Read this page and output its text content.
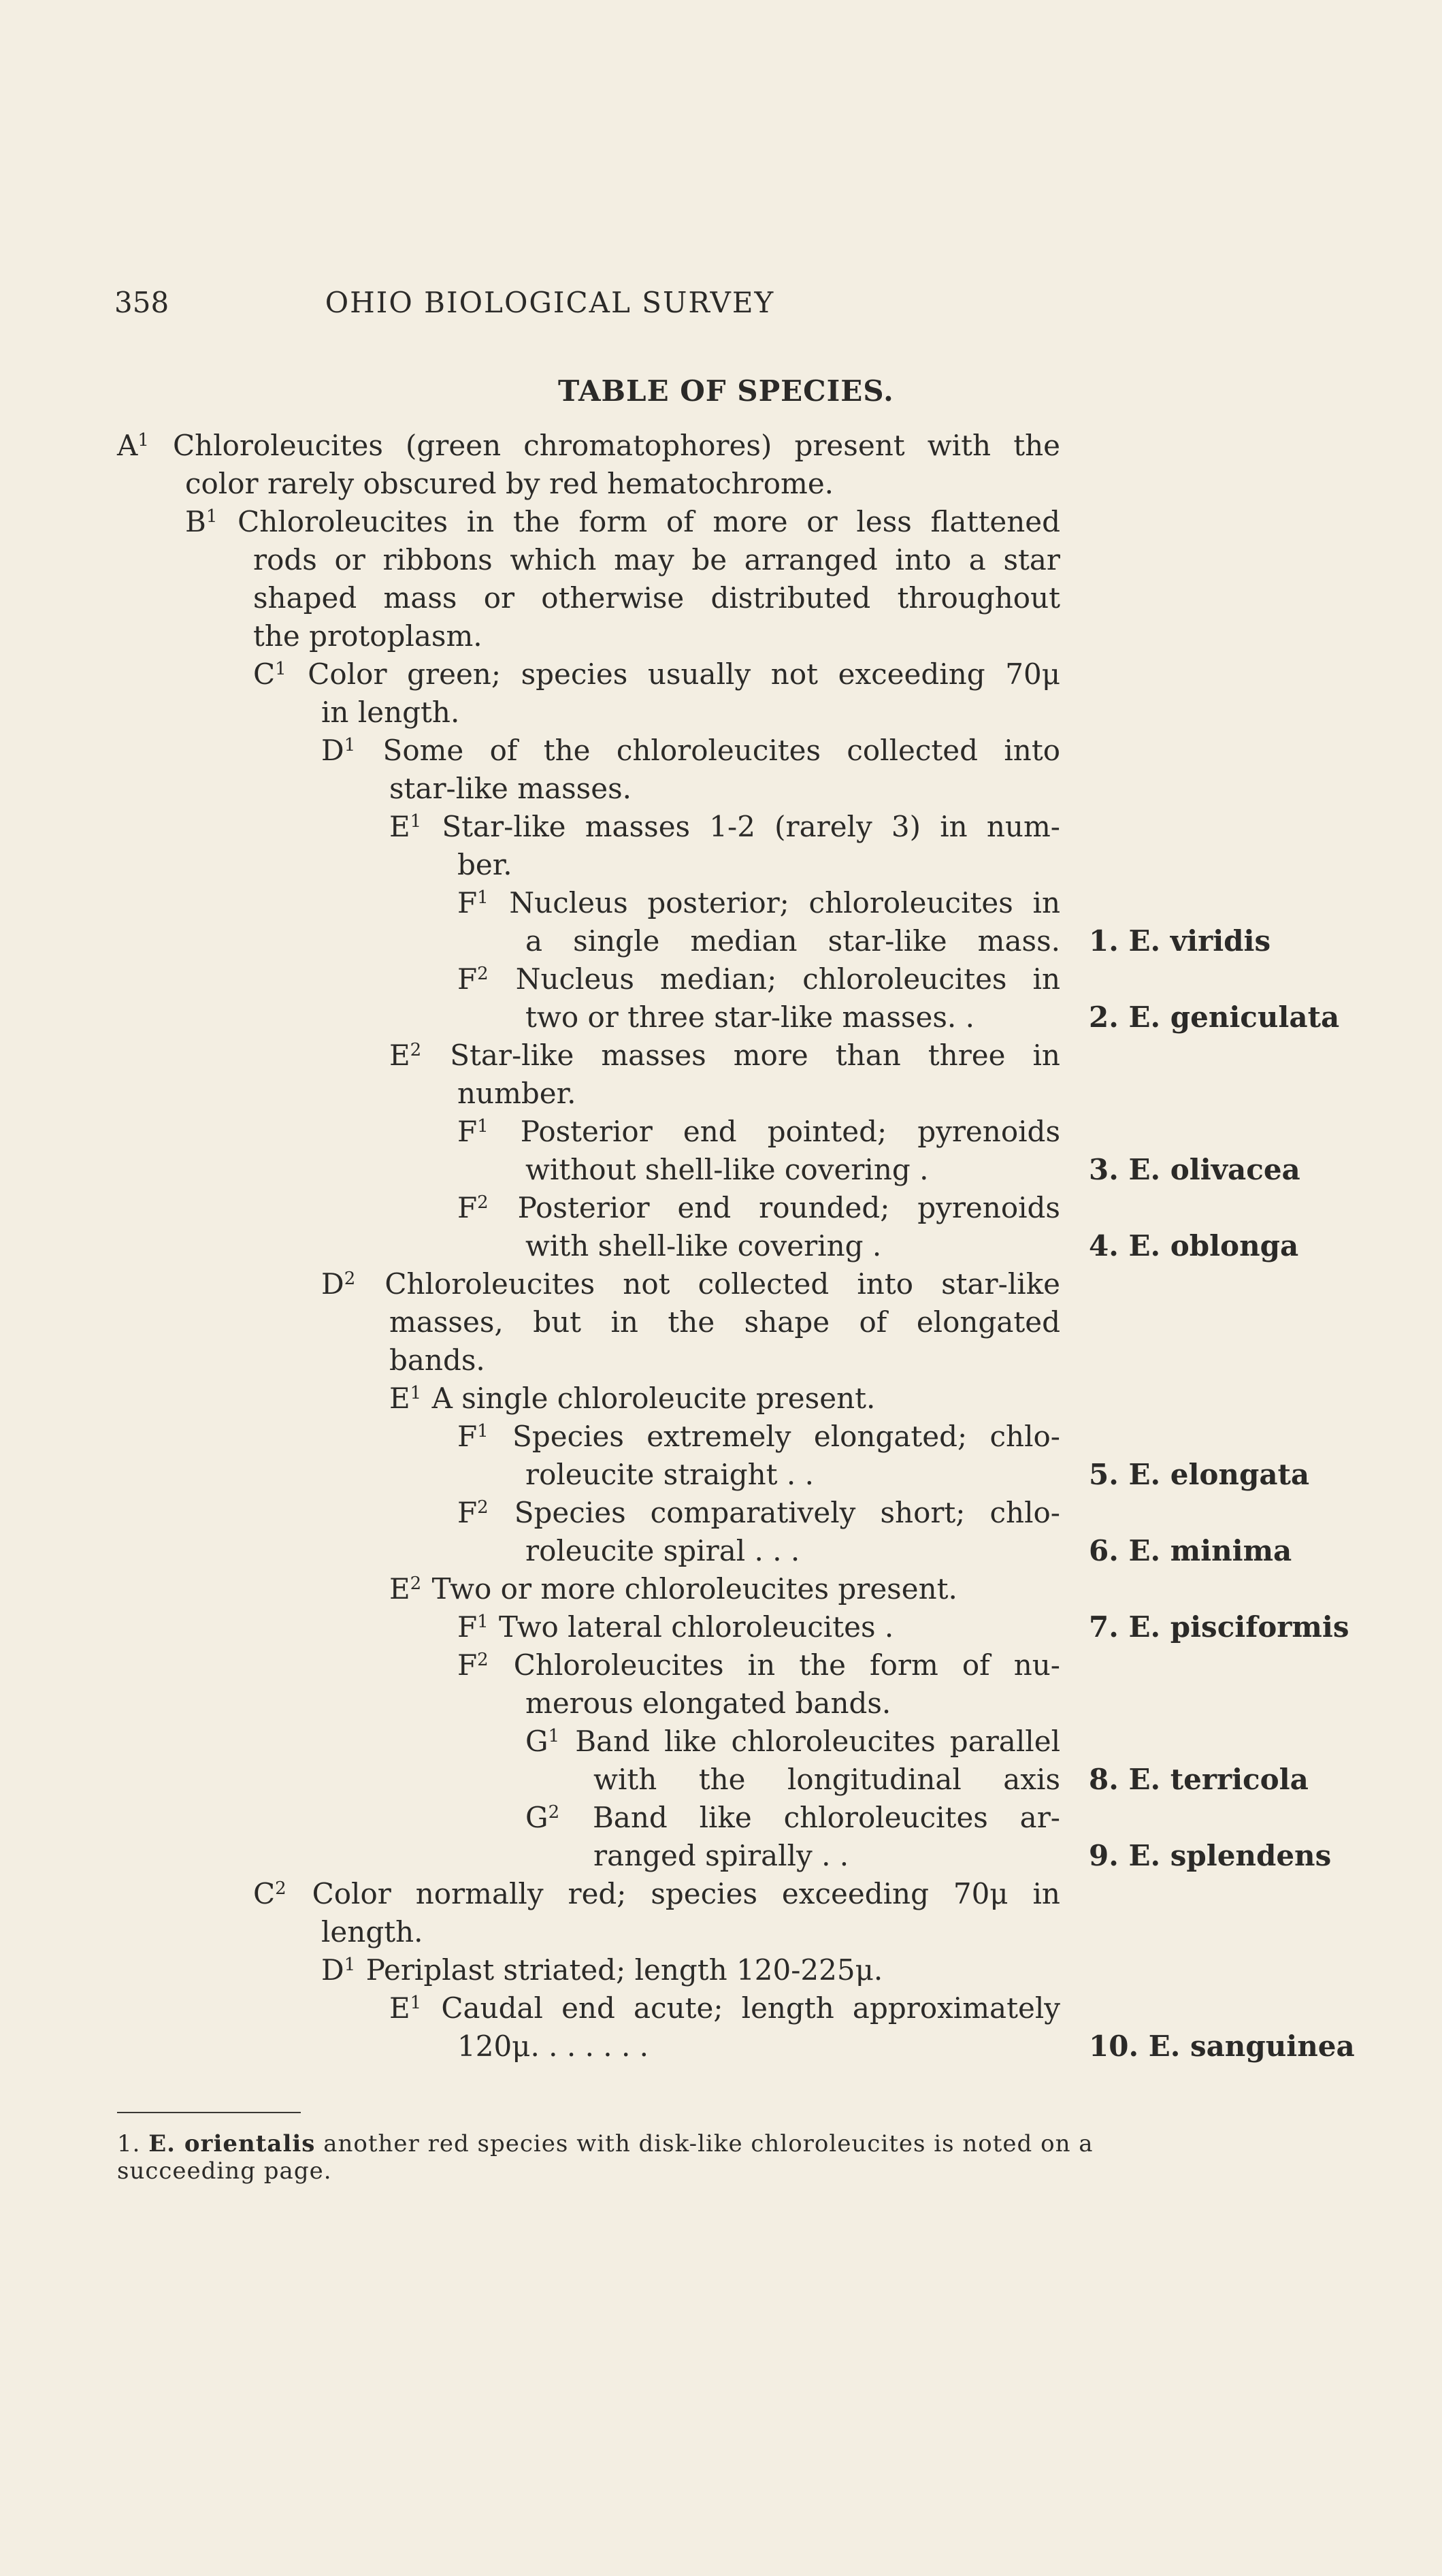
358	OHIO BIOLOGICAL SURVEY
TABLE OF SPECIES.
$A^1$ Chloroleucites (green chromatophores) present with the
color rarely obscured by red hematochrome.
$B^1$ Chloroleucites in the form of more or less flattened
rods or ribbons which may be arranged into a star
shaped mass or otherwise distributed throughout
the protoplasm.
$C^1$ Color green; species usually not exceeding 70μ
in length.
$D^1$ Some of the chloroleucites collected into
star-like masses.
$E^1$ Star-like masses 1-2 (rarely 3) in num-
ber.
$F^1$ Nucleus posterior; chloroleucites in
a single median star-like mass.
$F^2$ Nucleus median; chloroleucites in
two or three star-like masses. .
$E^2$ Star-like masses more than three in
number.
$F^1$ Posterior end pointed; pyrenoids
without shell-like covering .
$F^2$ Posterior end rounded; pyrenoids
with shell-like covering .
$D^2$ Chloroleucites not collected into star-like
masses, but in the shape of elongated
bands.
$E^1$ A single chloroleucite present.
$F^1$ Species extremely elongated; chlo-
roleucite straight . .
$F^2$ Species comparatively short; chlo-
roleucite spiral . . .
$E^2$ Two or more chloroleucites present.
$F^1$ Two lateral chloroleucites .
$F^2$ Chloroleucites in the form of nu-
merous elongated bands.
$G^1$ Band like chloroleucites parallel
with the longitudinal axis
$G^2$ Band like chloroleucites ar-
ranged spirally . .
$C^2$ Color normally red; species exceeding 70μ in
length.
$D^1$ Periplast striated; length 120-225μ.
$E^1$ Caudal end acute; length approximately
120μ. . . . . . .
1. E. viridis
2. E. geniculata
3. E. olivacea
4. E. oblonga
5. E. elongata
6. E. minima
7. E. pisciformis
8. E. terricola
9. E. splendens
10. E. sanguinea
1. E. orientalis another red species with disk-like chloroleucites is noted on a
succeeding page.
